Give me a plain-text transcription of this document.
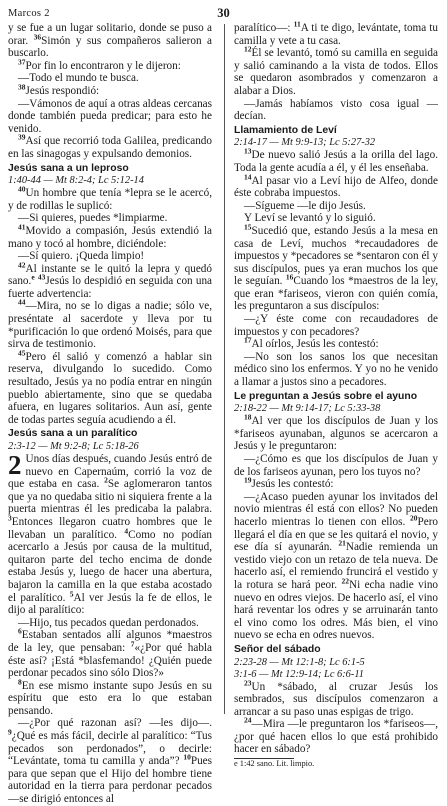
Marcos 2	30

y se fue a un lugar solitario, donde se puso a orar. $^{36}$Simón y sus compañeros salieron a buscarlo.

$^{37}$Por fin lo encontraron y le dijeron:

—Todo el mundo te busca.

$^{38}$Jesús respondió:

—Vámonos de aquí a otras aldeas cercanas donde también pueda predicar; para esto he venido.

$^{39}$Así que recorrió toda Galilea, predicando en las sinagogas y expulsando demonios.

Jesús sana a un leproso
1:40-44 — Mt 8:2-4; Lc 5:12-14

$^{40}$Un hombre que tenía *lepra se le acercó, y de rodillas le suplicó:

—Si quieres, puedes *limpiarme.

$^{41}$Movido a compasión, Jesús extendió la mano y tocó al hombre, diciéndole:

—Sí quiero. ¡Queda limpio!

$^{42}$Al instante se le quitó la lepra y quedó sano.$^e$ $^{43}$Jesús lo despidió en seguida con una fuerte advertencia:

$^{44}$—Mira, no se lo digas a nadie; sólo ve, preséntate al sacerdote y lleva por tu *purificación lo que ordenó Moisés, para que sirva de testimonio.

$^{45}$Pero él salió y comenzó a hablar sin reserva, divulgando lo sucedido. Como resultado, Jesús ya no podía entrar en ningún pueblo abiertamente, sino que se quedaba afuera, en lugares solitarios. Aun así, gente de todas partes seguía acudiendo a él.

Jesús sana a un paralítico
2:3-12 — Mt 9:2-8; Lc 5:18-26

2 Unos días después, cuando Jesús entró de nuevo en Capernaúm, corrió la voz de que estaba en casa. $^2$Se aglomeraron tantos que ya no quedaba sitio ni siquiera frente a la puerta mientras él les predicaba la palabra. $^3$Entonces llegaron cuatro hombres que le llevaban un paralítico. $^4$Como no podían acercarlo a Jesús por causa de la multitud, quitaron parte del techo encima de donde estaba Jesús y, luego de hacer una abertura, bajaron la camilla en la que estaba acostado el paralítico. $^5$Al ver Jesús la fe de ellos, le dijo al paralítico:

—Hijo, tus pecados quedan perdonados.

$^6$Estaban sentados allí algunos *maestros de la ley, que pensaban: $^7$«¿Por qué habla éste así? ¡Está *blasfemando! ¿Quién puede perdonar pecados sino sólo Dios?»

$^8$En ese mismo instante supo Jesús en su espíritu que esto era lo que estaban pensando.

—¿Por qué razonan así? —les dijo—. $^9$¿Qué es más fácil, decirle al paralítico: “Tus pecados son perdonados”, o decirle: “Levántate, toma tu camilla y anda”? $^{10}$Pues para que sepan que el Hijo del hombre tiene autoridad en la tierra para perdonar pecados —se dirigió entonces al

paralítico—: $^{11}$A ti te digo, levántate, toma tu camilla y vete a tu casa.

$^{12}$Él se levantó, tomó su camilla en seguida y salió caminando a la vista de todos. Ellos se quedaron asombrados y comenzaron a alabar a Dios.

—Jamás habíamos visto cosa igual —decían.

Llamamiento de Leví
2:14-17 — Mt 9:9-13; Lc 5:27-32

$^{13}$De nuevo salió Jesús a la orilla del lago. Toda la gente acudía a él, y él les enseñaba.

$^{14}$Al pasar vio a Leví hijo de Alfeo, donde éste cobraba impuestos.

—Sígueme —le dijo Jesús.

Y Leví se levantó y lo siguió.

$^{15}$Sucedió que, estando Jesús a la mesa en casa de Leví, muchos *recaudadores de impuestos y *pecadores se *sentaron con él y sus discípulos, pues ya eran muchos los que le seguían. $^{16}$Cuando los *maestros de la ley, que eran *fariseos, vieron con quién comía, les preguntaron a sus discípulos:

—¿Y éste come con recaudadores de impuestos y con pecadores?

$^{17}$Al oírlos, Jesús les contestó:

—No son los sanos los que necesitan médico sino los enfermos. Y yo no he venido a llamar a justos sino a pecadores.

Le preguntan a Jesús sobre el ayuno
2:18-22 — Mt 9:14-17; Lc 5:33-38

$^{18}$Al ver que los discípulos de Juan y los *fariseos ayunaban, algunos se acercaron a Jesús y le preguntaron:

—¿Cómo es que los discípulos de Juan y de los fariseos ayunan, pero los tuyos no?

$^{19}$Jesús les contestó:

—¿Acaso pueden ayunar los invitados del novio mientras él está con ellos? No pueden hacerlo mientras lo tienen con ellos. $^{20}$Pero llegará el día en que se les quitará el novio, y ese día sí ayunarán. $^{21}$Nadie remienda un vestido viejo con un retazo de tela nueva. De hacerlo así, el remiendo fruncirá el vestido y la rotura se hará peor. $^{22}$Ni echa nadie vino nuevo en odres viejos. De hacerlo así, el vino hará reventar los odres y se arruinarán tanto el vino como los odres. Más bien, el vino nuevo se echa en odres nuevos.

Señor del sábado
2:23-28 — Mt 12:1-8; Lc 6:1-5
3:1-6 — Mt 12:9-14; Lc 6:6-11

$^{23}$Un *sábado, al cruzar Jesús los sembrados, sus discípulos comenzaron a arrancar a su paso unas espigas de trigo.

$^{24}$—Mira —le preguntaron los *fariseos—, ¿por qué hacen ellos lo que está prohibido hacer en sábado?

e 1:42 sano. Lit. limpio.
